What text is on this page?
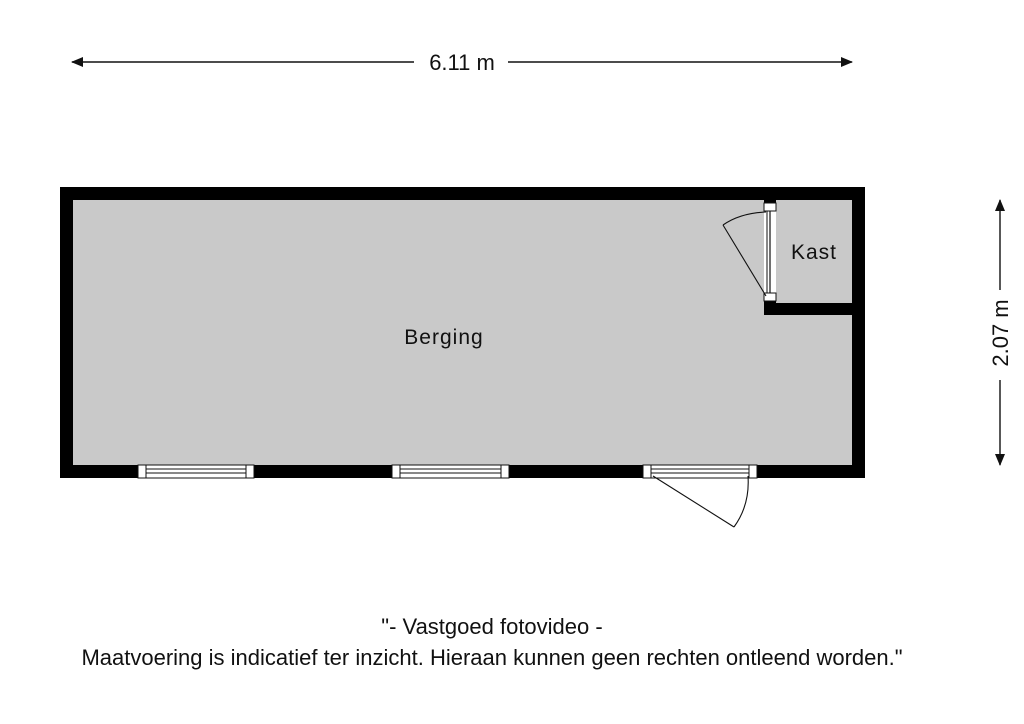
6.11 m
2.07 m
Berging
Kast
"- Vastgoed fotovideo -
Maatvoering is indicatief ter inzicht. Hieraan kunnen geen rechten ontleend worden."
